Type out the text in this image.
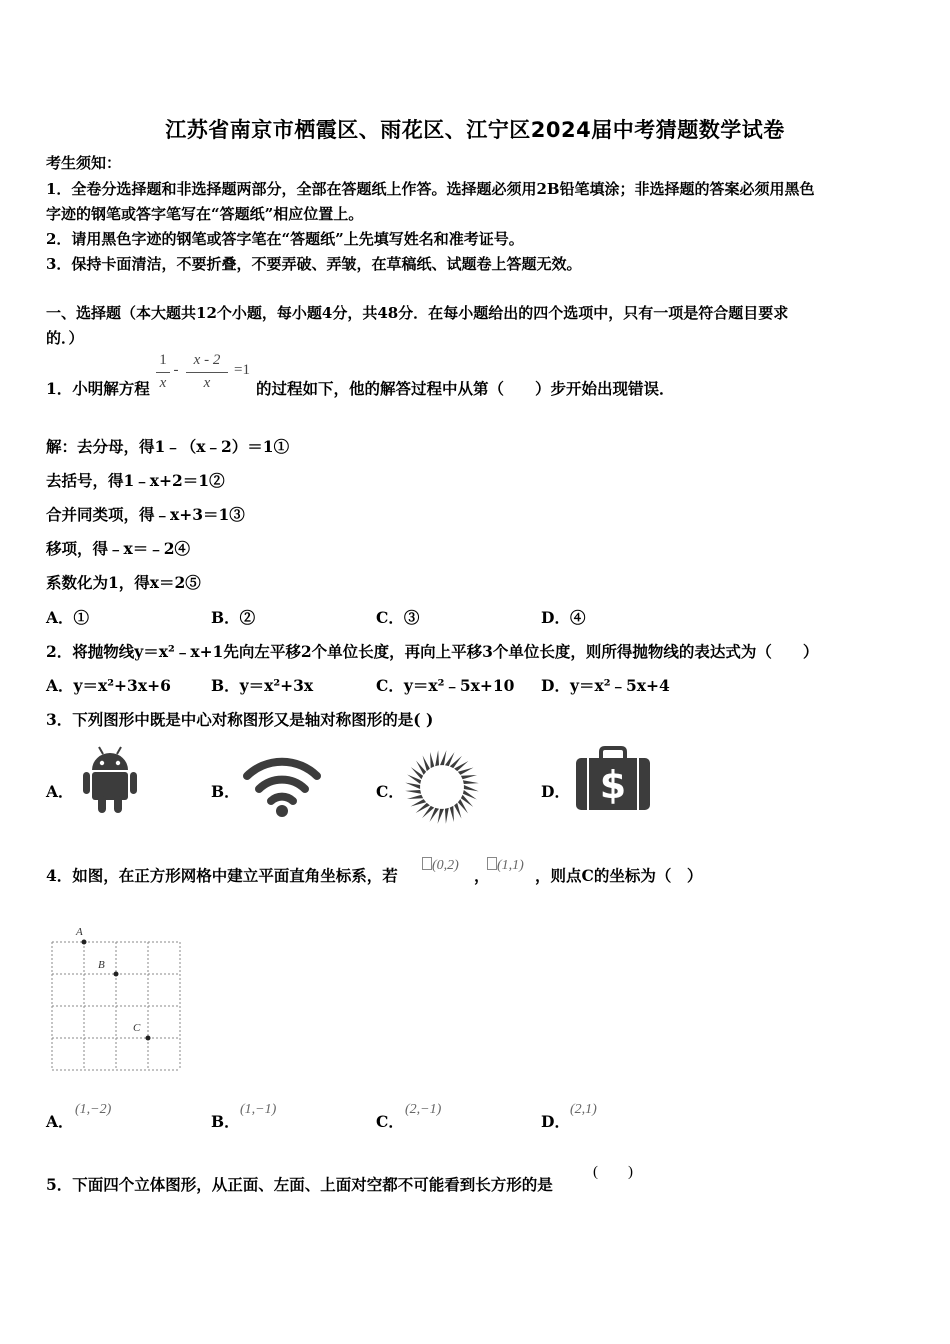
江苏省南京市栖霞区、雨花区、江宁区2024届中考猜题数学试卷
考生须知：
1．全卷分选择题和非选择题两部分，全部在答题纸上作答。选择题必须用2B铅笔填涂；非选择题的答案必须用黑色
字迹的钢笔或答字笔写在“答题纸”相应位置上。
2．请用黑色字迹的钢笔或答字笔在“答题纸”上先填写姓名和准考证号。
3．保持卡面清洁，不要折叠，不要弄破、弄皱，在草稿纸、试题卷上答题无效。
一、选择题（本大题共12个小题，每小题4分，共48分．在每小题给出的四个选项中，只有一项是符合题目要求
的．）
1．小明解方程
1
x
-
x - 2
x
=1
的过程如下，他的解答过程中从第（　　）步开始出现错误．
解：去分母，得1﹣（x﹣2）＝1①
去括号，得1﹣x+2＝1②
合并同类项，得﹣x+3＝1③
移项，得﹣x＝﹣2④
系数化为1，得x＝2⑤
A．①	B．②	C．③	D．④
2．将抛物线y＝x²﹣x+1先向左平移2个单位长度，再向上平移3个单位长度，则所得抛物线的表达式为（　　）
A．y＝x²+3x+6	B．y＝x²+3x	C．y＝x²﹣5x+10 D．y＝x²﹣5x+4
3．下列图形中既是中心对称图形又是轴对称图形的是( )
A．	B．	C．	D． $
4．如图，在正方形网格中建立平面直角坐标系，若
(0,2)
，
(1,1)
，则点C的坐标为（　）
A
B
C
A．
(1,−2)
B．
(1,−1)
C．
(2,−1)
D．
(2,1)
5．下面四个立体图形，从正面、左面、上面对空都不可能看到长方形的是
(　　)
